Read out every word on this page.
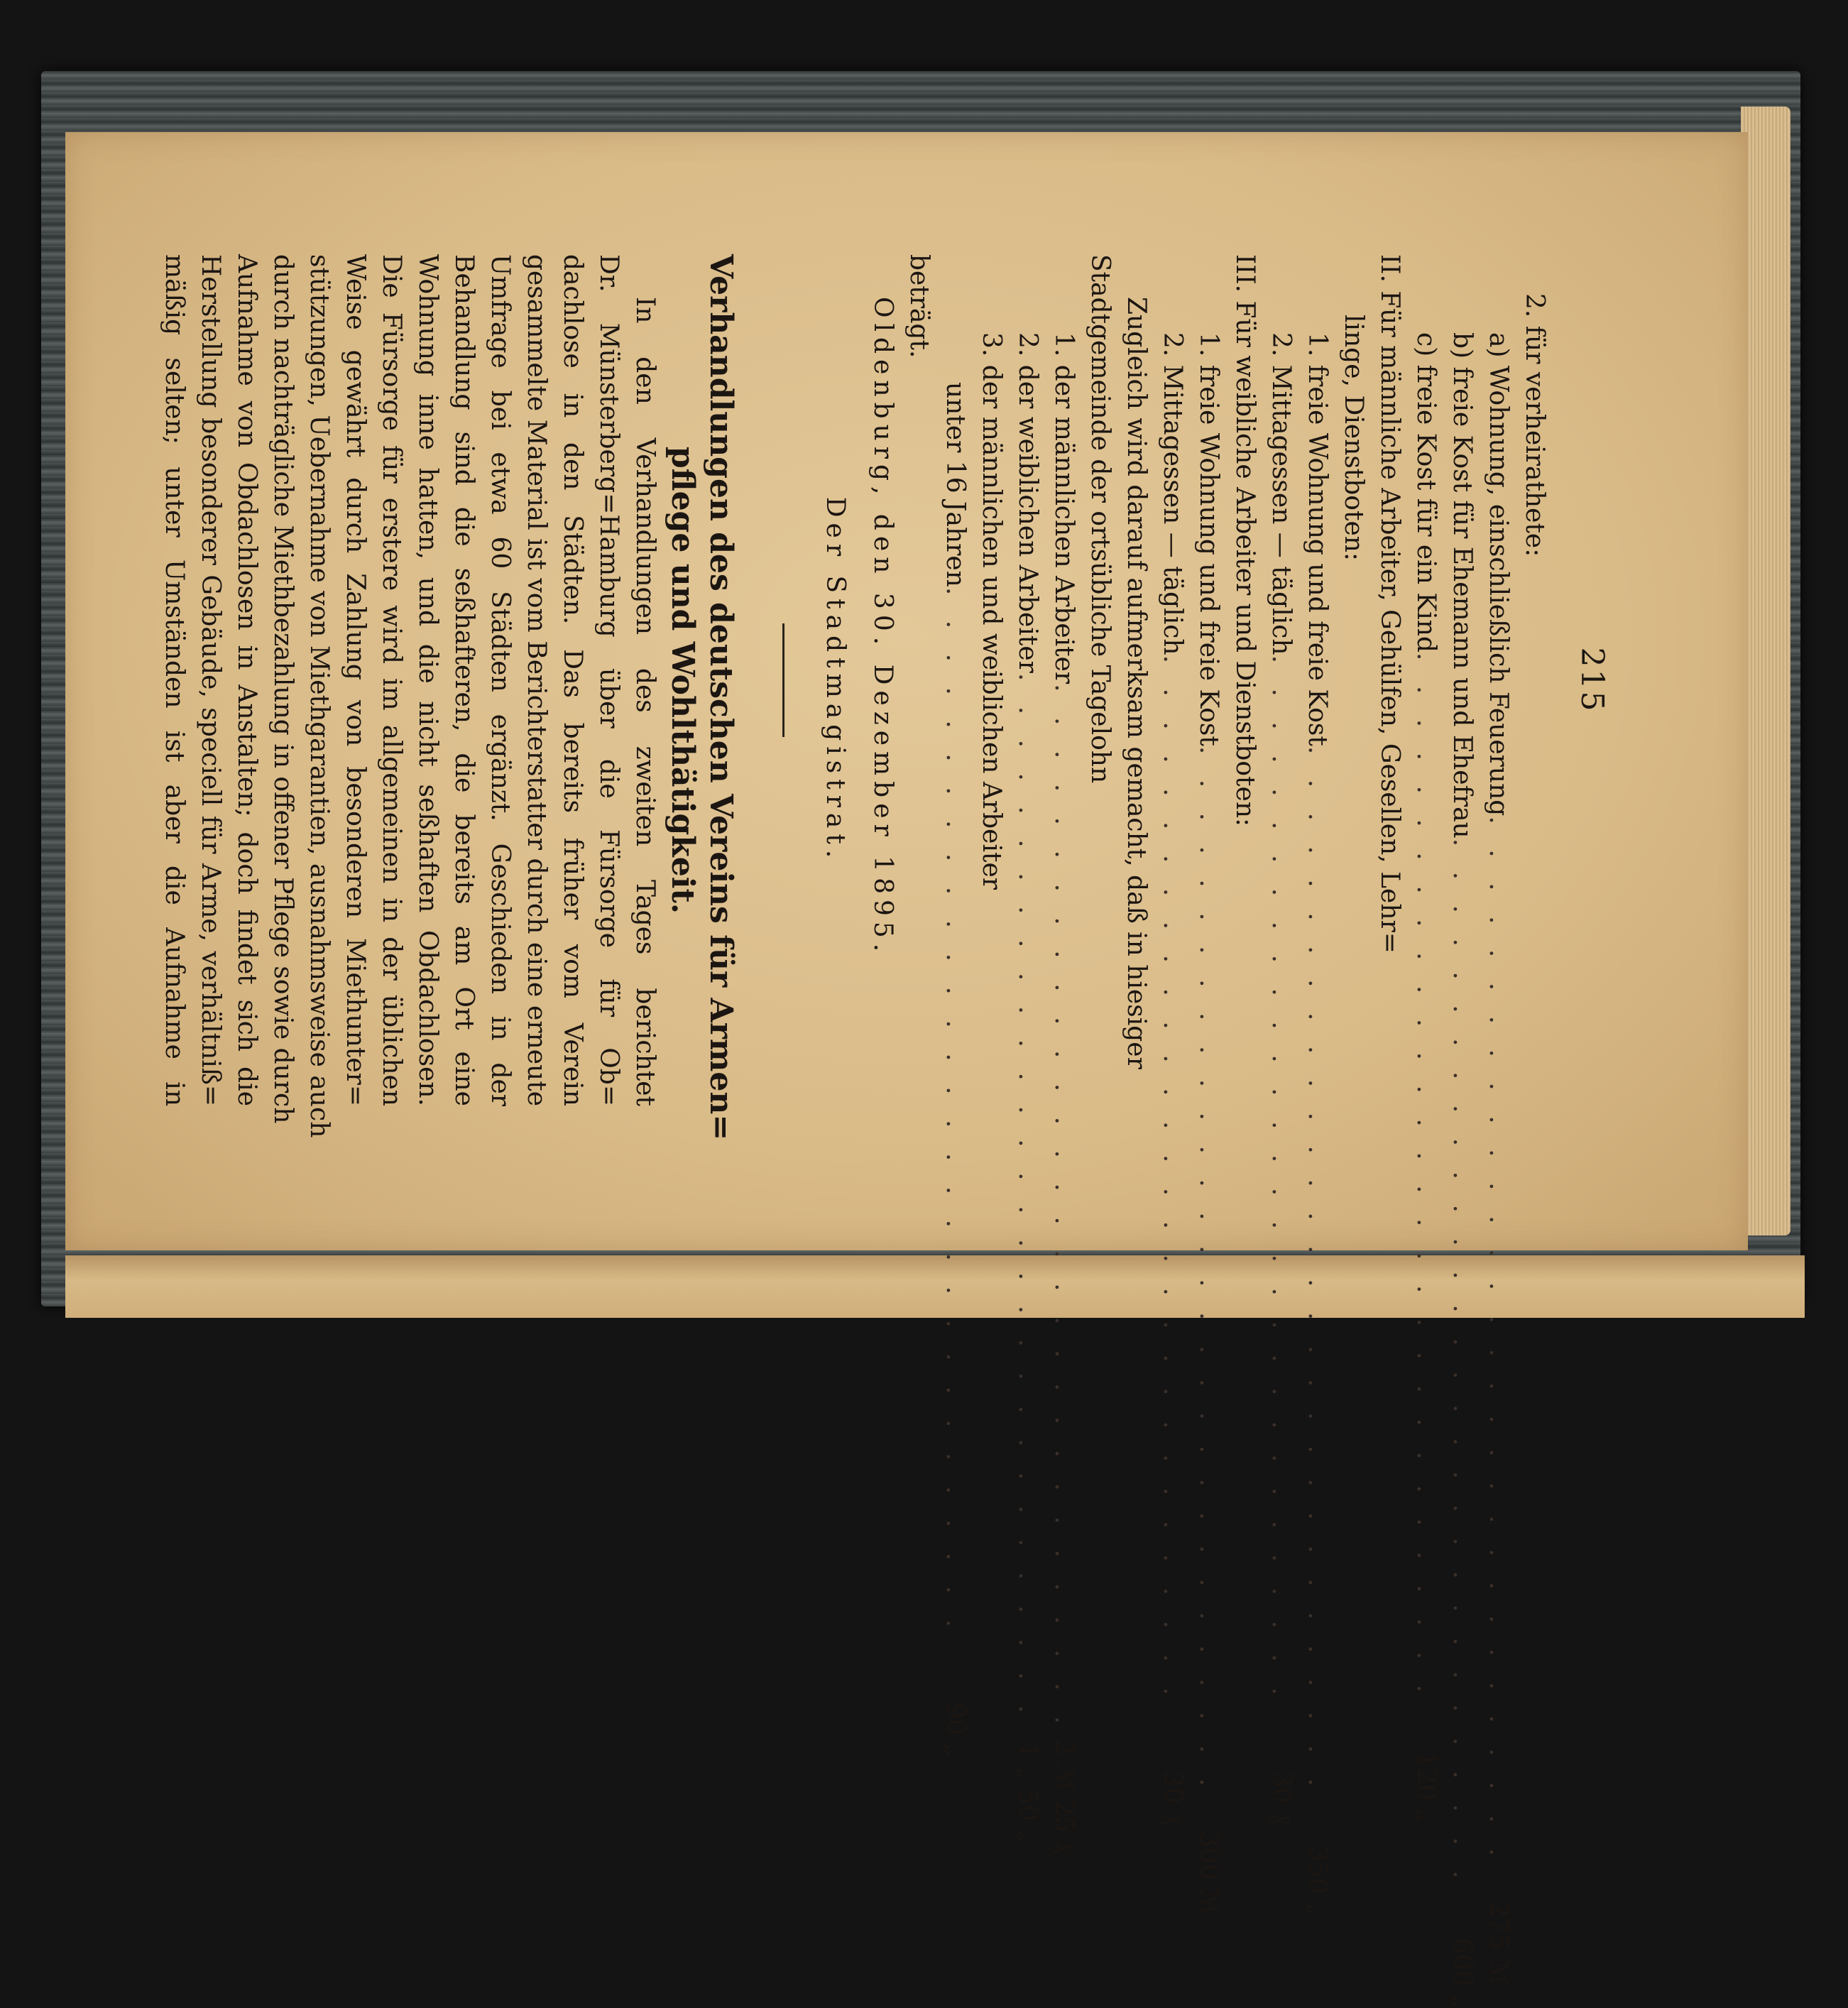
215
2. für verheirathete:
a) Wohnung, einschließlich Feuerung
. . . . . . . . . . . . . . . . . . . . . . . . . . . . . . . .
275 ℳ
b) freie Kost für Ehemann und Ehefrau
. . . . . . . . . . . . . . . . . . . . . . . . . . . . . . . .
600 „
c) freie Kost für ein Kind
. . . . . . . . . . . . . . . . . . . . . . . . . . . . . . . .
120 „
II. Für männliche Arbeiter, Gehülfen, Gesellen, Lehr=
linge, Dienstboten:
1. freie Wohnung und freie Kost
. . . . . . . . . . . . . . . . . . . . . . . . . . . . . . . .
350 „
2. Mittagessen — täglich
. . . . . . . . . . . . . . . . . . . . . . . . . . . . . . . .
30 ₰
III. Für weibliche Arbeiter und Dienstboten:
1. freie Wohnung und freie Kost
. . . . . . . . . . . . . . . . . . . . . . . . . . . . . . . .
300 ℳ
2. Mittagessen — täglich
. . . . . . . . . . . . . . . . . . . . . . . . . . . . . . . .
30 ₰
Zugleich wird darauf aufmerksam gemacht, daß in hiesiger
Stadtgemeinde der ortsübliche Tagelohn
1. der männlichen Arbeiter
. . . . . . . . . . . . . . . . . . . . . . . . . . . . . . . .
2 ℳ 25 ₰
2. der weiblichen Arbeiter
. . . . . . . . . . . . . . . . . . . . . . . . . . . . . . . .
1 „ 50 „
3. der männlichen und weiblichen Arbeiter
unter 16 Jahren
. . . . . . . . . . . . . . . . . . . . . . . . . . . . . . . .
90 „
beträgt.
Oldenburg, den 30. Dezember 1895.
Der Stadtmagistrat.
Verhandlungen des deutschen Vereins für Armen=
pflege und Wohlthätigkeit.
In den Verhandlungen des zweiten Tages berichtet
Dr. Münsterberg=Hamburg über die Fürsorge für Ob=
dachlose in den Städten. Das bereits früher vom Verein
gesammelte Material ist vom Berichterstatter durch eine erneute
Umfrage bei etwa 60 Städten ergänzt. Geschieden in der
Behandlung sind die seßhafteren, die bereits am Ort eine
Wohnung inne hatten, und die nicht seßhaften Obdachlosen.
Die Fürsorge für erstere wird im allgemeinen in der üblichen
Weise gewährt durch Zahlung von besonderen Miethunter=
stützungen, Uebernahme von Miethgarantien, ausnahmsweise auch
durch nachträgliche Miethbezahlung in offener Pflege sowie durch
Aufnahme von Obdachlosen in Anstalten; doch findet sich die
Herstellung besonderer Gebäude, speciell für Arme, verhältniß=
mäßig selten; unter Umständen ist aber die Aufnahme in
